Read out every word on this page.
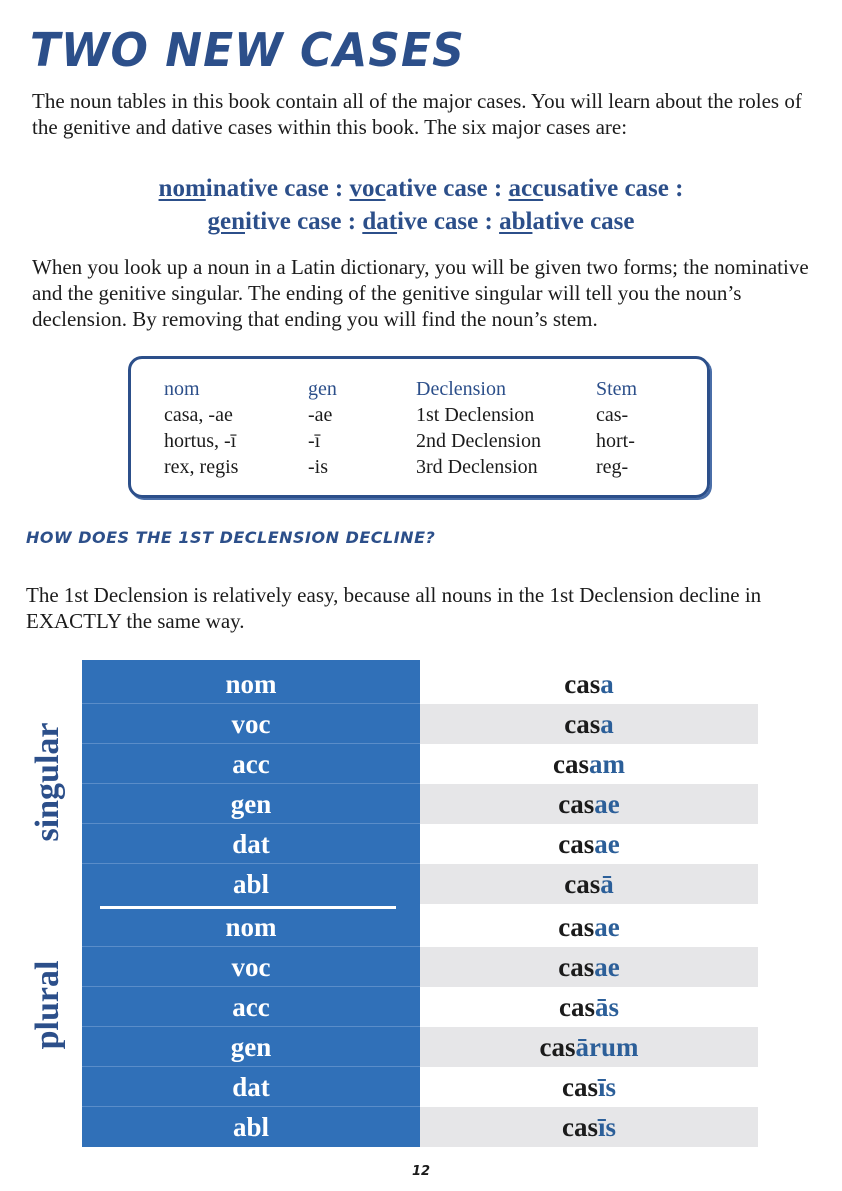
TWO NEW CASES

The noun tables in this book contain all of the major cases. You will learn about the roles of the genitive and dative cases within this book. The six major cases are:

nominative case : vocative case : accusative case :
genitive case : dative case : ablative case

When you look up a noun in a Latin dictionary, you will be given two forms; the nominative and the genitive singular. The ending of the genitive singular will tell you the noun’s declension. By removing that ending you will find the noun’s stem.

nom	gen	Declension	Stem
casa, -ae	-ae	1st Declension	cas-
hortus, -ī	-ī	2nd Declension	hort-
rex, regis	-is	3rd Declension	reg-
HOW DOES THE 1ST DECLENSION DECLINE?

The 1st Declension is relatively easy, because all nouns in the 1st Declension decline in EXACTLY the same way.

nom	casa
voc	casa
acc	casam
gen	casae
dat	casae
abl	casā
nom	casae
voc	casae
acc	casās
gen	casārum
dat	casīs
abl	casīs
singular
plural
12
